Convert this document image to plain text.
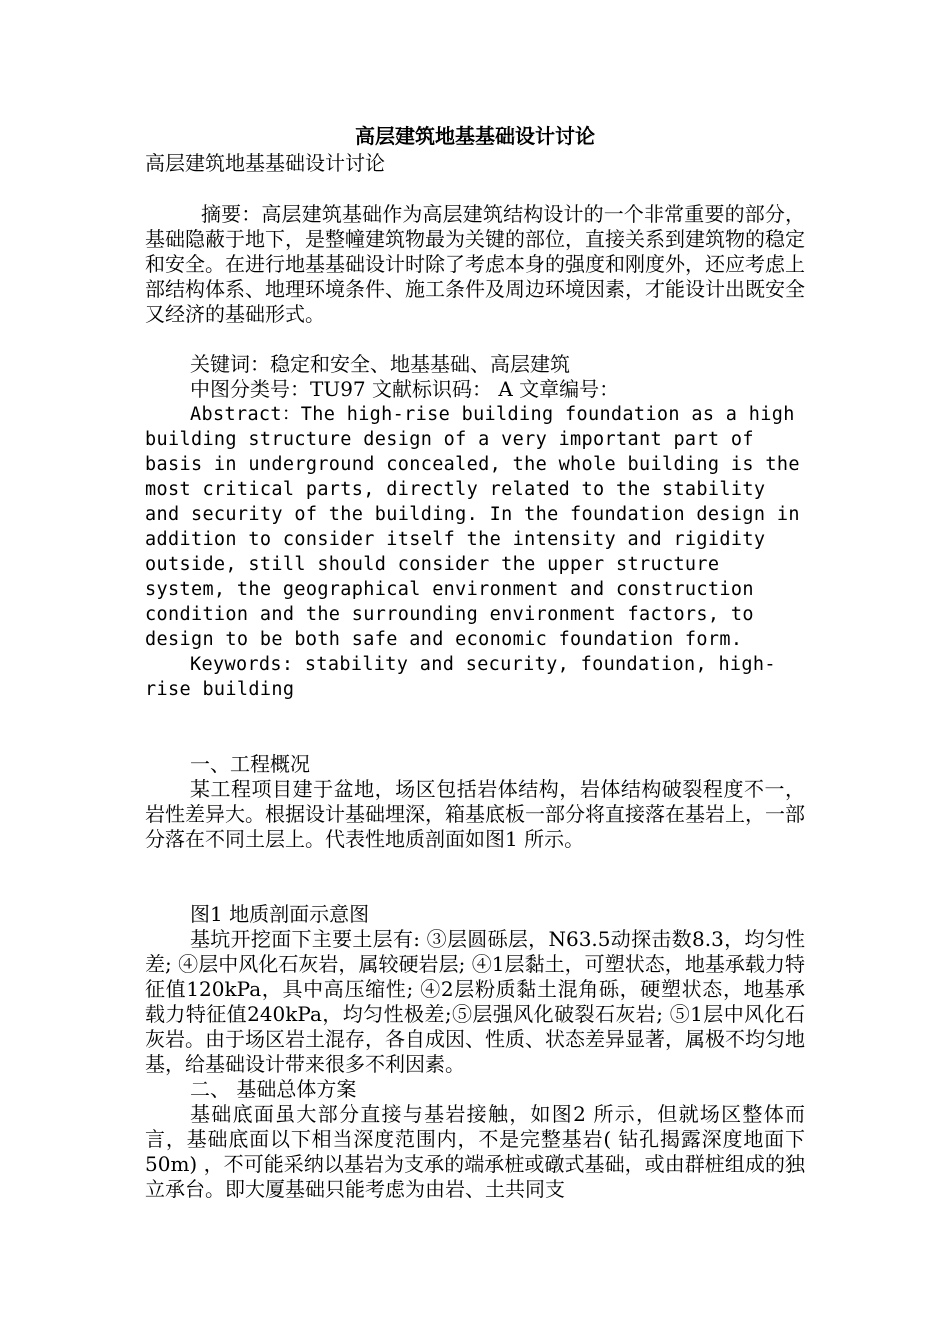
高层建筑地基基础设计讨论

高层建筑地基基础设计讨论

摘要：高层建筑基础作为高层建筑结构设计的一个非常重要的部分，基础隐蔽于地下，是整幢建筑物最为关键的部位，直接关系到建筑物的稳定和安全。在进行地基基础设计时除了考虑本身的强度和刚度外，还应考虑上部结构体系、地理环境条件、施工条件及周边环境因素，才能设计出既安全又经济的基础形式。

关键词：稳定和安全、地基基础、高层建筑

中图分类号：TU97 文献标识码： A 文章编号：

Abstract：The high-rise building foundation as a high building structure design of a very important part of basis in underground concealed, the whole building is the most critical parts, directly related to the stability and security of the building. In the foundation design in addition to consider itself the intensity and rigidity outside, still should consider the upper structure system, the geographical environment and construction condition and the surrounding environment factors, to design to be both safe and economic foundation form.

Keywords: stability and security, foundation, high-rise building

一、工程概况

某工程项目建于盆地，场区包括岩体结构，岩体结构破裂程度不一，岩性差异大。根据设计基础埋深，箱基底板一部分将直接落在基岩上，一部分落在不同土层上。代表性地质剖面如图1 所示。

图1 地质剖面示意图

基坑开挖面下主要土层有: ③层圆砾层，N63.5动探击数8.3，均匀性差; ④层中风化石灰岩，属较硬岩层; ④1层黏土，可塑状态，地基承载力特征值120kPa，具中高压缩性; ④2层粉质黏土混角砾，硬塑状态，地基承载力特征值240kPa，均匀性极差;⑤层强风化破裂石灰岩; ⑤1层中风化石灰岩。由于场区岩土混存，各自成因、性质、状态差异显著，属极不均匀地基，给基础设计带来很多不利因素。

二、 基础总体方案

基础底面虽大部分直接与基岩接触，如图2 所示，但就场区整体而言，基础底面以下相当深度范围内，不是完整基岩( 钻孔揭露深度地面下50m) ，不可能采纳以基岩为支承的端承桩或礅式基础，或由群桩组成的独立承台。即大厦基础只能考虑为由岩、土共同支
